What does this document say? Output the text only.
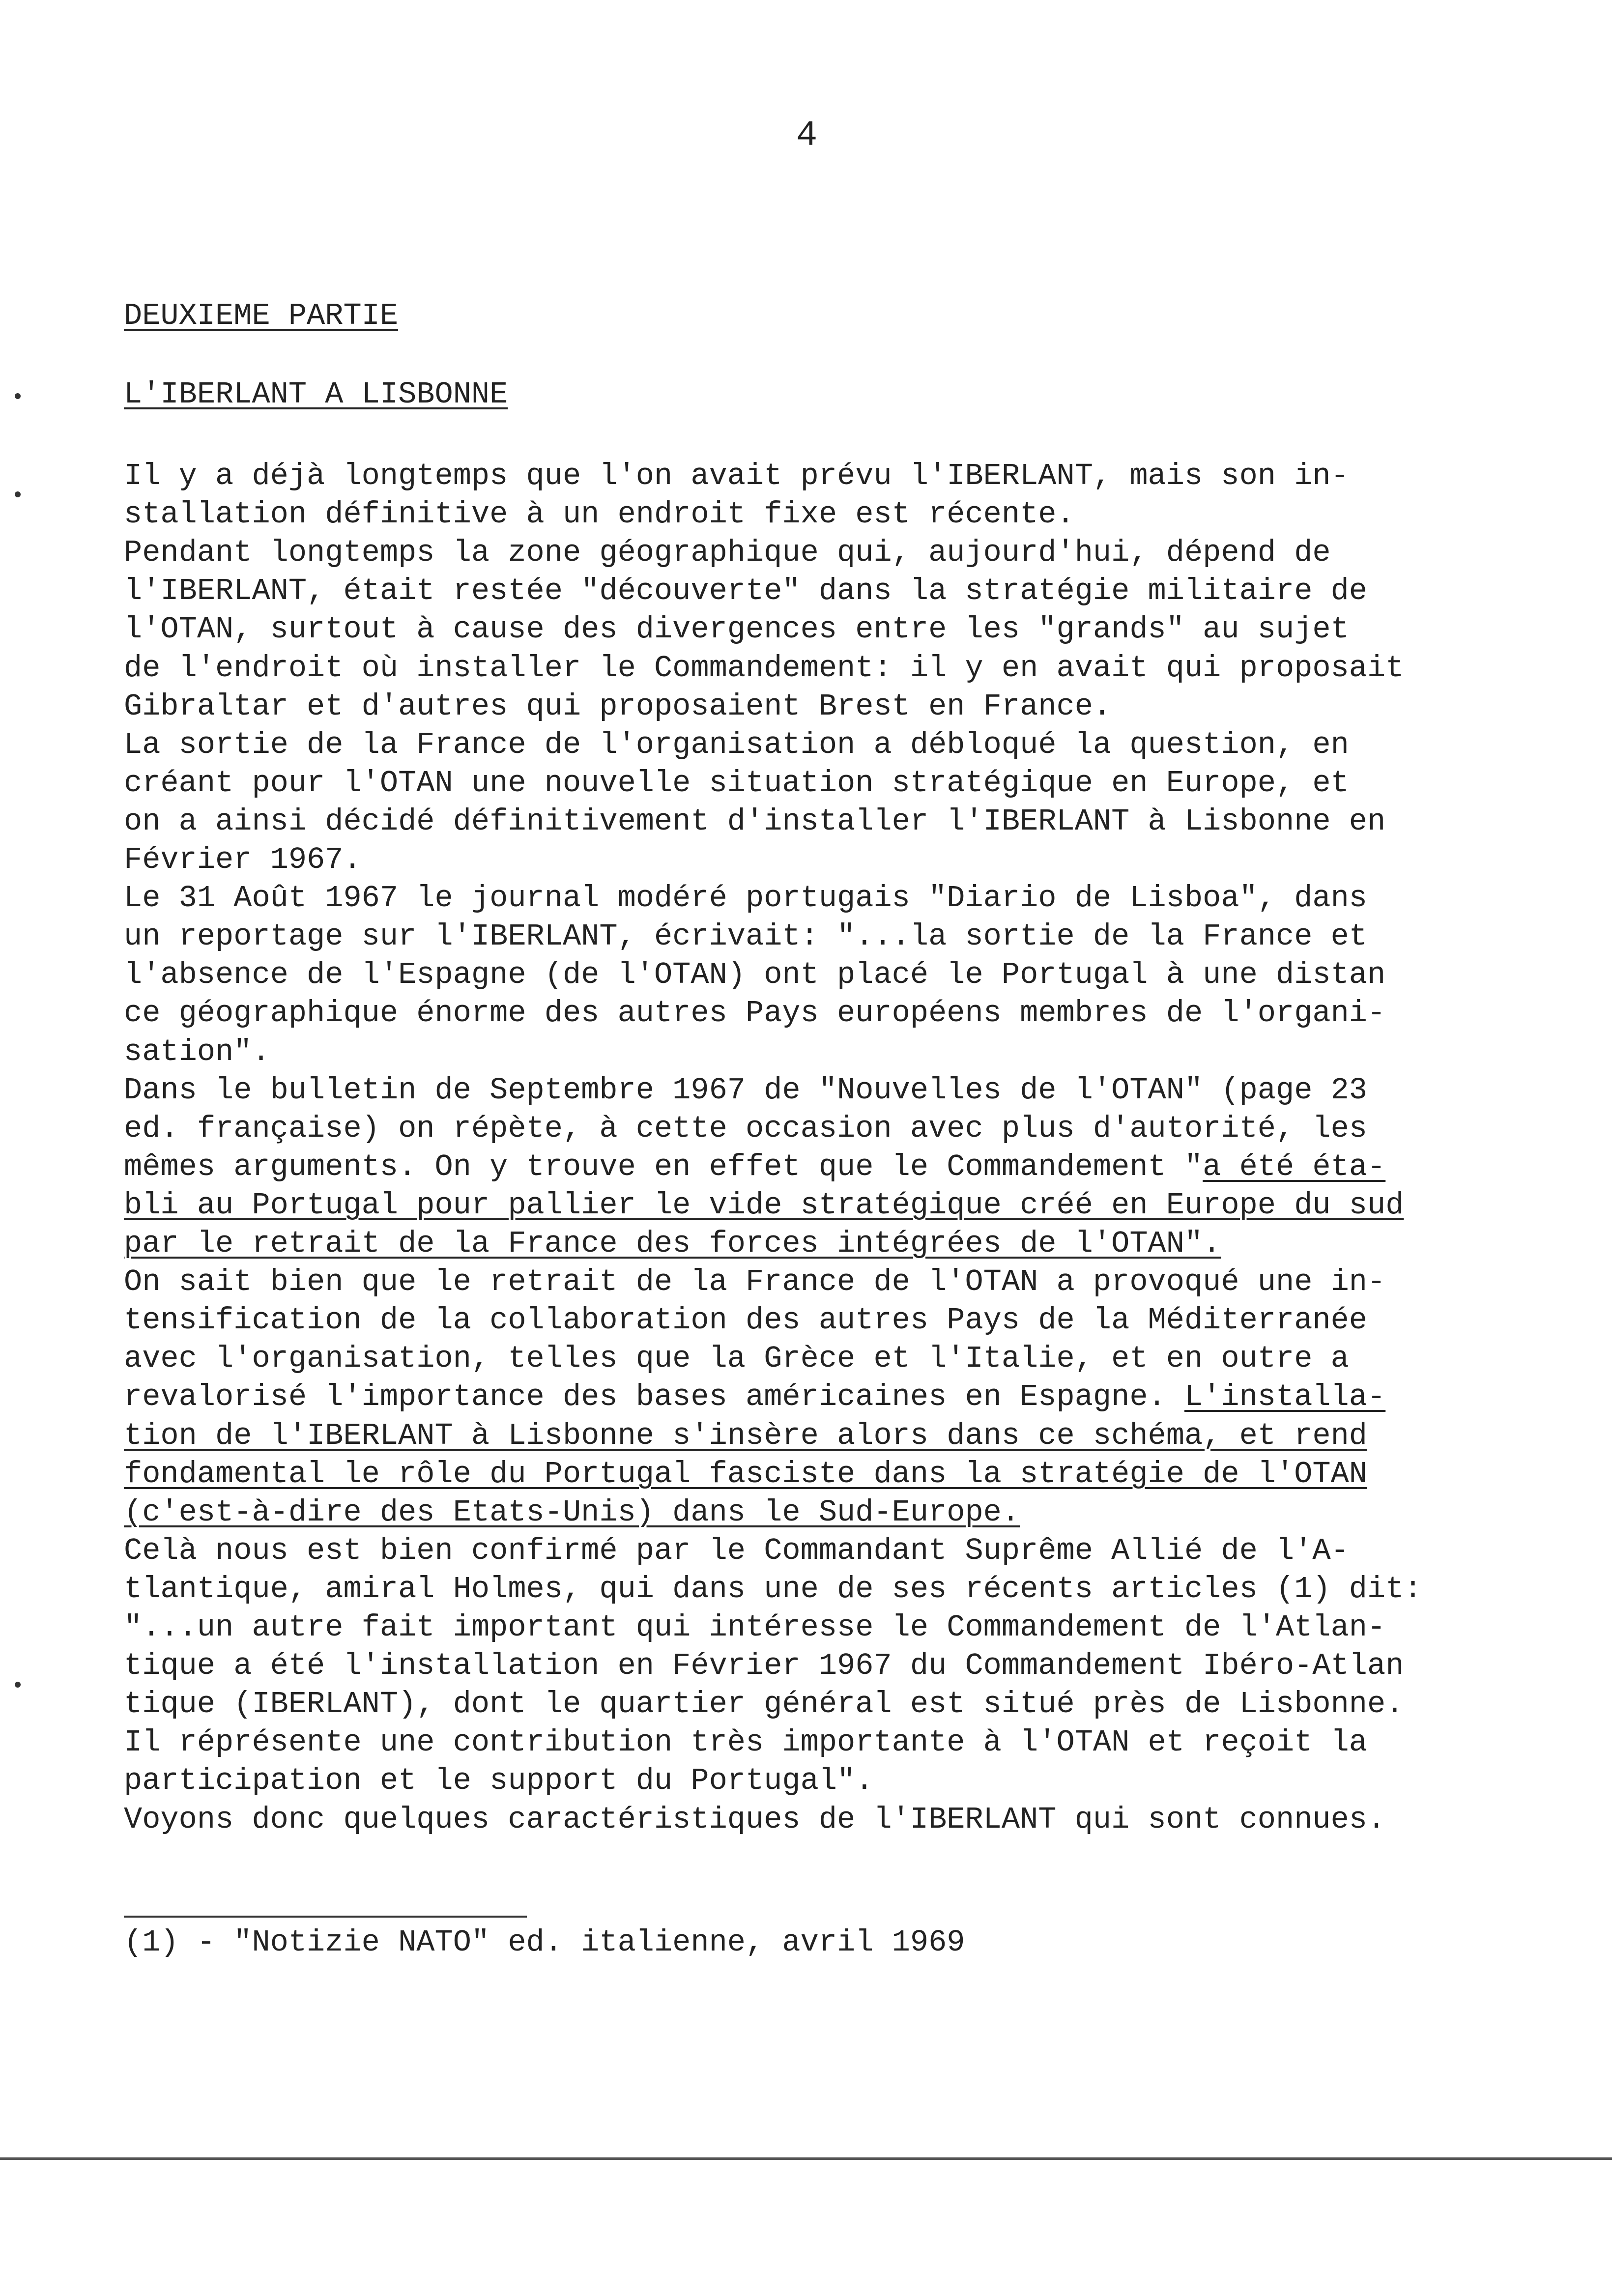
4
DEUXIEME PARTIE
L'IBERLANT A LISBONNE
Il y a déjà longtemps que l'on avait prévu l'IBERLANT, mais son in-
stallation définitive à un endroit fixe est récente.
Pendant longtemps la zone géographique qui, aujourd'hui, dépend de
l'IBERLANT, était restée "découverte" dans la stratégie militaire de
l'OTAN, surtout à cause des divergences entre les "grands" au sujet
de l'endroit où installer le Commandement: il y en avait qui proposait
Gibraltar et d'autres qui proposaient Brest en France.
La sortie de la France de l'organisation a débloqué la question, en
créant pour l'OTAN une nouvelle situation stratégique en Europe, et
on a ainsi décidé définitivement d'installer l'IBERLANT à Lisbonne en
Février 1967.
Le 31 Août 1967 le journal modéré portugais "Diario de Lisboa", dans
un reportage sur l'IBERLANT, écrivait: "...la sortie de la France et
l'absence de l'Espagne (de l'OTAN) ont placé le Portugal à une distan
ce géographique énorme des autres Pays européens membres de l'organi-
sation".
Dans le bulletin de Septembre 1967 de "Nouvelles de l'OTAN" (page 23
ed. française) on répète, à cette occasion avec plus d'autorité, les
mêmes arguments. On y trouve en effet que le Commandement "a été éta-
bli au Portugal pour pallier le vide stratégique créé en Europe du sud
par le retrait de la France des forces intégrées de l'OTAN".
On sait bien que le retrait de la France de l'OTAN a provoqué une in-
tensification de la collaboration des autres Pays de la Méditerranée
avec l'organisation, telles que la Grèce et l'Italie, et en outre a
revalorisé l'importance des bases américaines en Espagne. L'installa-
tion de l'IBERLANT à Lisbonne s'insère alors dans ce schéma, et rend
fondamental le rôle du Portugal fasciste dans la stratégie de l'OTAN
(c'est-à-dire des Etats-Unis) dans le Sud-Europe.
Celà nous est bien confirmé par le Commandant Suprême Allié de l'A-
tlantique, amiral Holmes, qui dans une de ses récents articles (1) dit:
"...un autre fait important qui intéresse le Commandement de l'Atlan-
tique a été l'installation en Février 1967 du Commandement Ibéro-Atlan
tique (IBERLANT), dont le quartier général est situé près de Lisbonne.
Il réprésente une contribution très importante à l'OTAN et reçoit la
participation et le support du Portugal".
Voyons donc quelques caractéristiques de l'IBERLANT qui sont connues.
(1) - "Notizie NATO" ed. italienne, avril 1969
